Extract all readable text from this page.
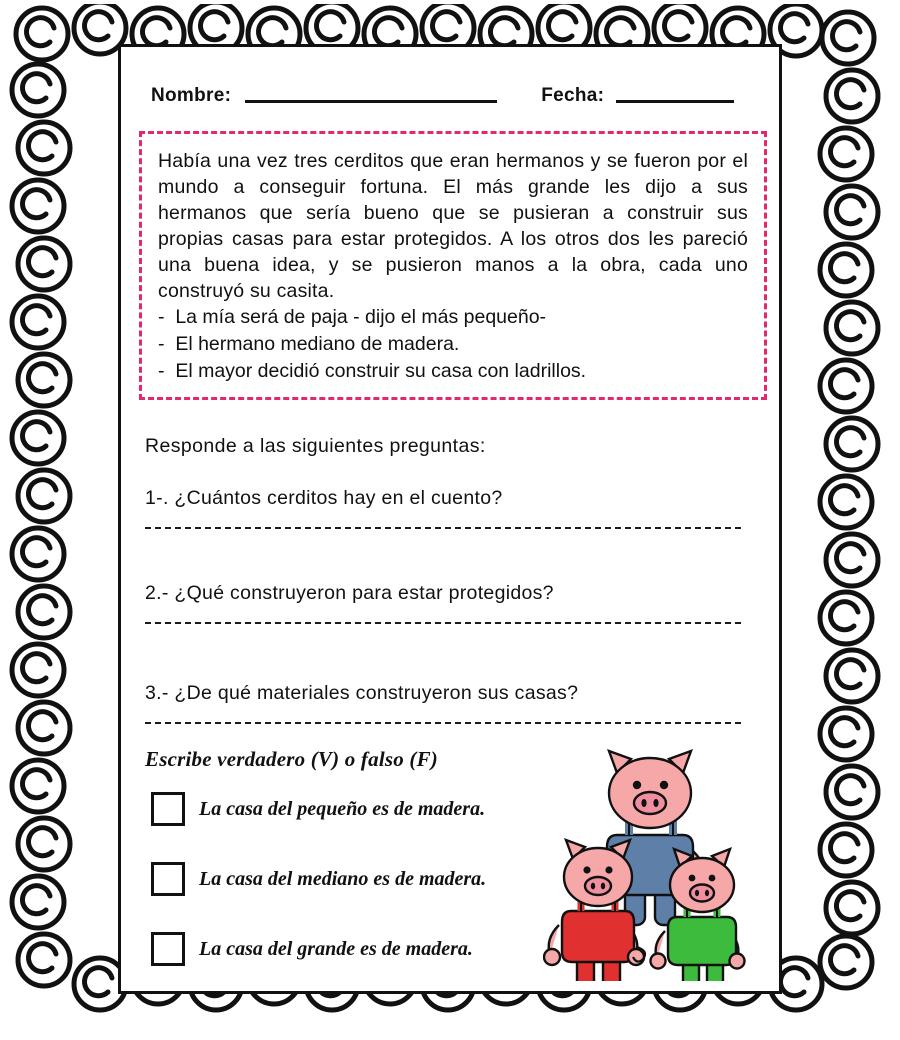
Nombre:	Fecha:

Había una vez tres cerditos que eran hermanos y se fueron por el mundo a conseguir fortuna. El más grande les dijo a sus hermanos que sería bueno que se pusieran a construir sus propias casas para estar protegidos. A los otros dos les pareció una buena idea, y se pusieron manos a la obra, cada uno construyó su casita.

-  La mía será de paja - dijo el más pequeño-

-  El hermano mediano de madera.

-  El mayor decidió construir su casa con ladrillos.

Responde a las siguientes preguntas:

1-. ¿Cuántos cerditos hay en el cuento?

2.- ¿Qué construyeron para estar protegidos?

3.- ¿De qué materiales construyeron sus casas?

Escribe verdadero (V) o falso (F)
La casa del pequeño es de madera.
La casa del mediano es de madera.
La casa del grande es de madera.
